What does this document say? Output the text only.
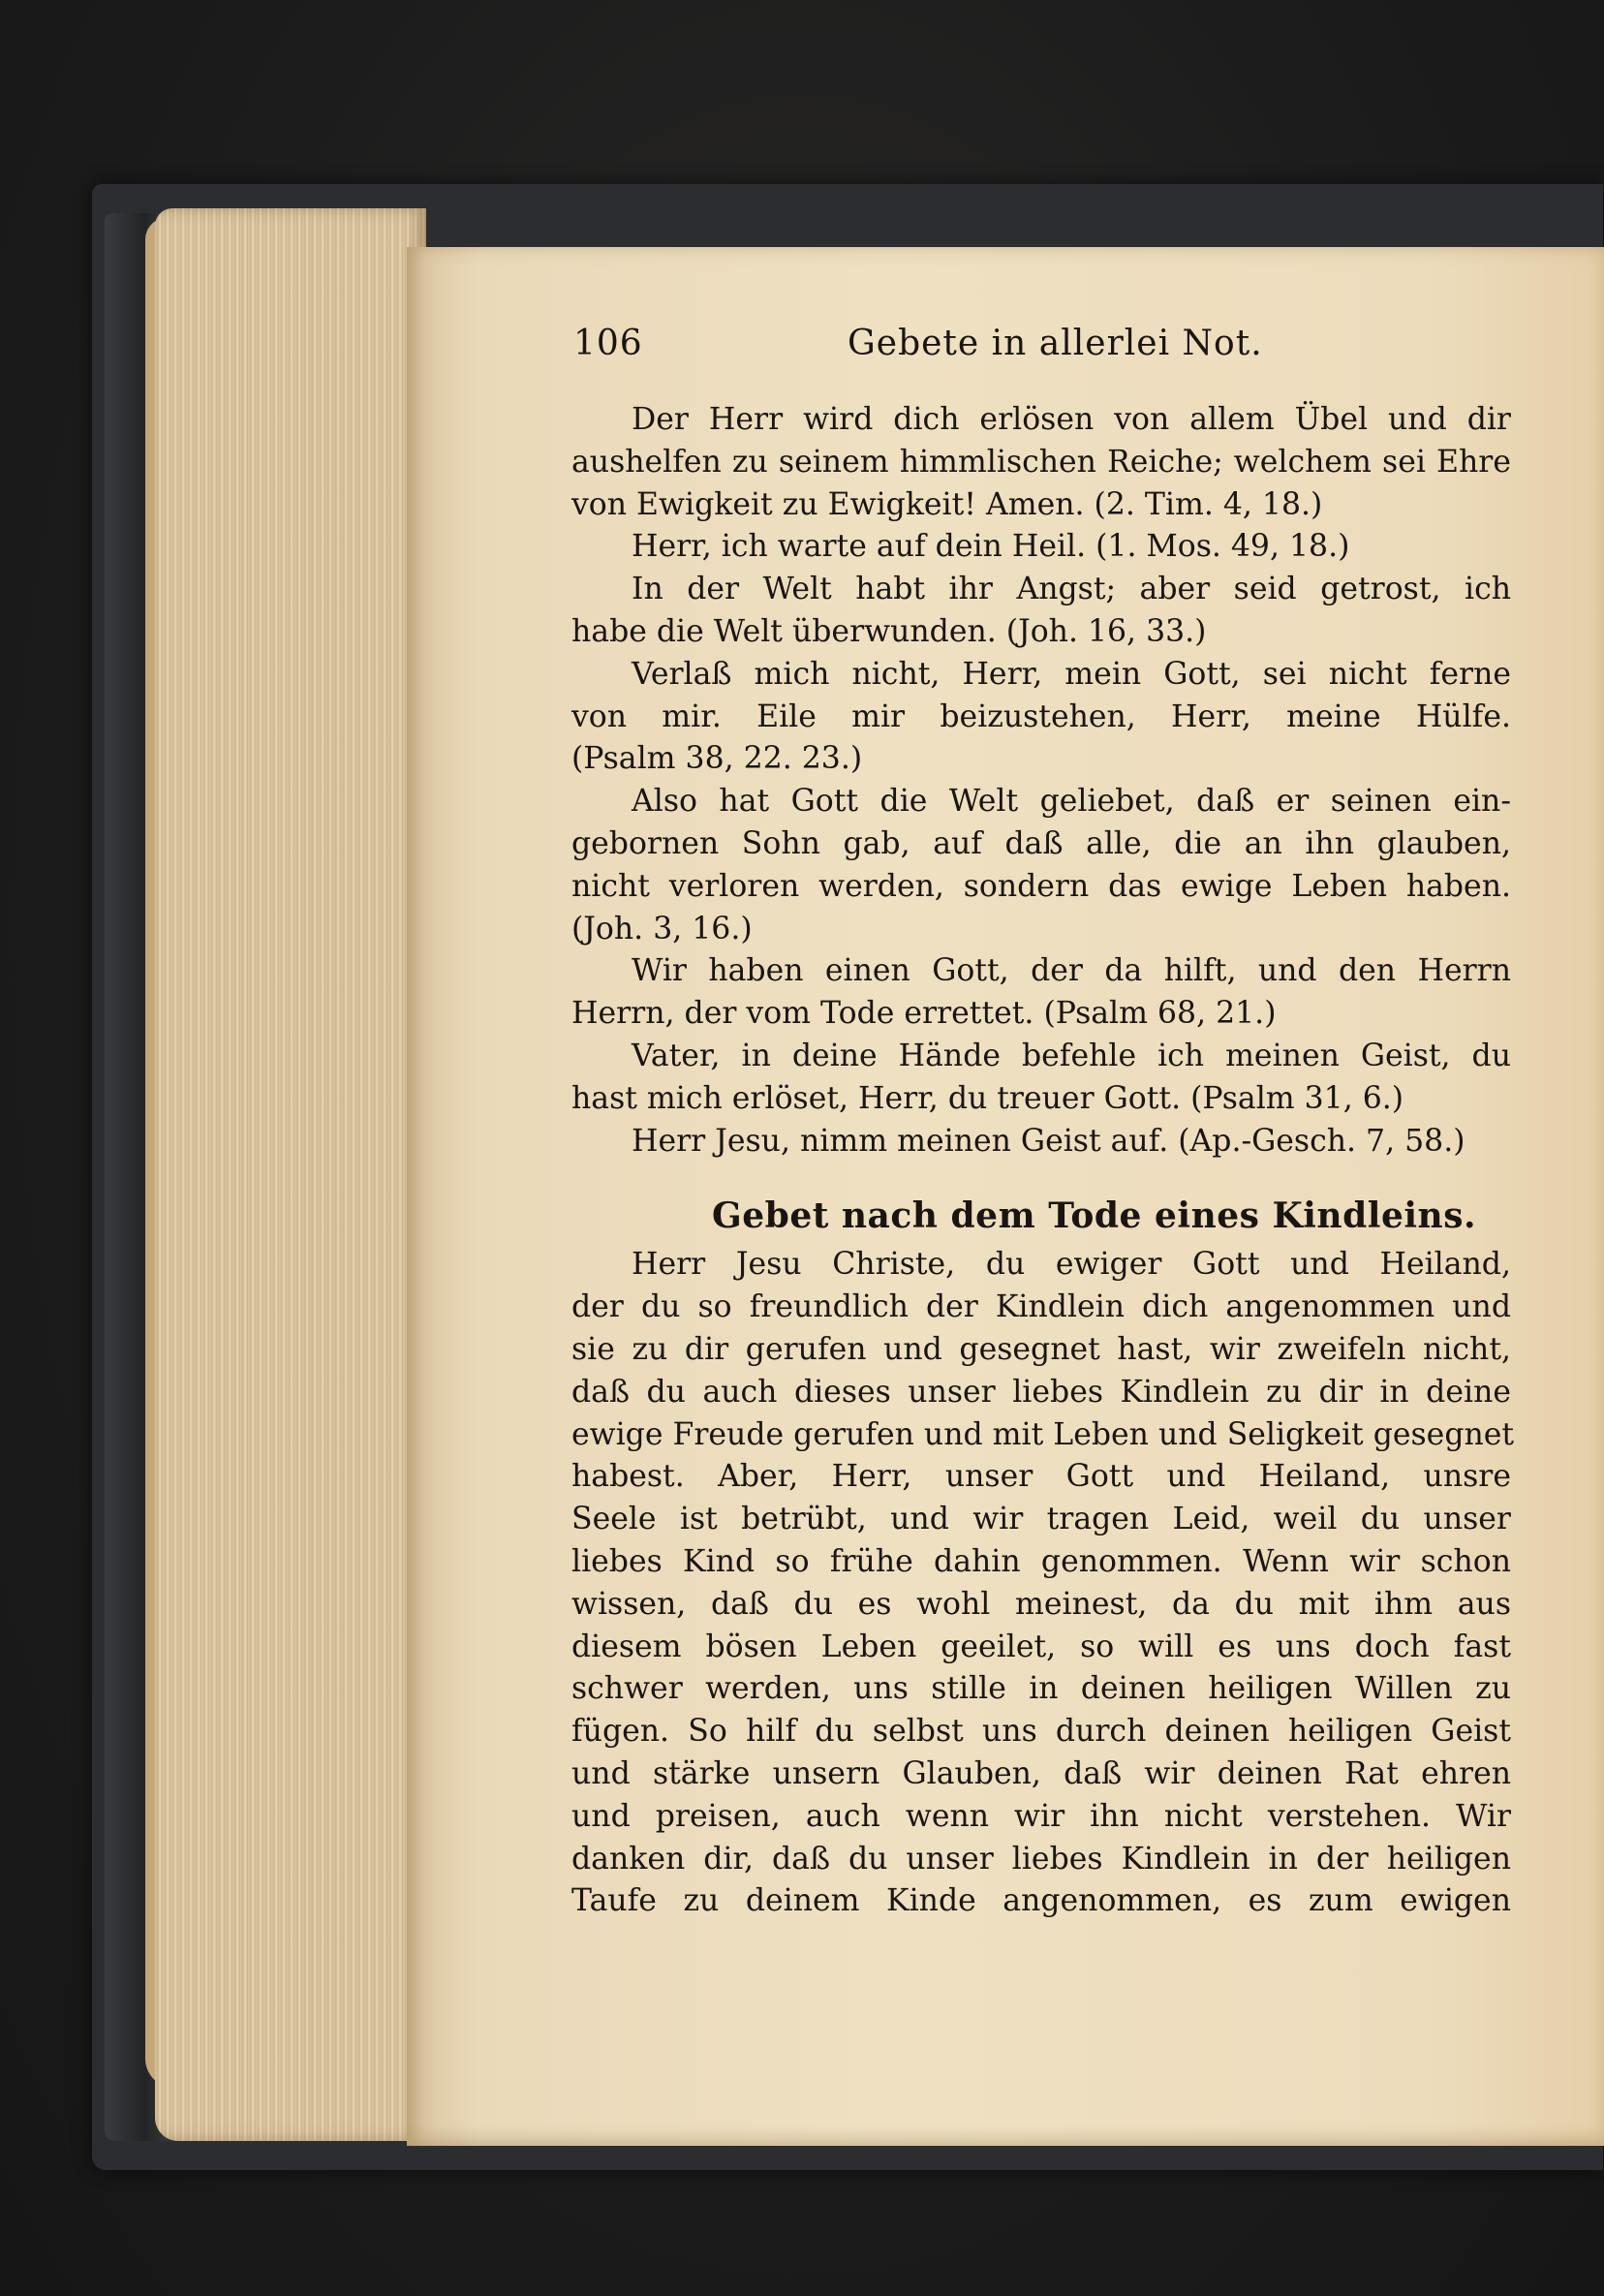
106	Gebete in allerlei Not.
Der Herr wird dich erlösen von allem Übel und dir
aushelfen zu seinem himmlischen Reiche; welchem sei Ehre
von Ewigkeit zu Ewigkeit! Amen. (2. Tim. 4, 18.)
Herr, ich warte auf dein Heil. (1. Mos. 49, 18.)
In der Welt habt ihr Angst; aber seid getrost, ich
habe die Welt überwunden. (Joh. 16, 33.)
Verlaß mich nicht, Herr, mein Gott, sei nicht ferne
von mir. Eile mir beizustehen, Herr, meine Hülfe.
(Psalm 38, 22. 23.)
Also hat Gott die Welt geliebet, daß er seinen ein-
gebornen Sohn gab, auf daß alle, die an ihn glauben,
nicht verloren werden, sondern das ewige Leben haben.
(Joh. 3, 16.)
Wir haben einen Gott, der da hilft, und den Herrn
Herrn, der vom Tode errettet. (Psalm 68, 21.)
Vater, in deine Hände befehle ich meinen Geist, du
hast mich erlöset, Herr, du treuer Gott. (Psalm 31, 6.)
Herr Jesu, nimm meinen Geist auf. (Ap.-Gesch. 7, 58.)
Gebet nach dem Tode eines Kindleins.
Herr Jesu Christe, du ewiger Gott und Heiland,
der du so freundlich der Kindlein dich angenommen und
sie zu dir gerufen und gesegnet hast, wir zweifeln nicht,
daß du auch dieses unser liebes Kindlein zu dir in deine
ewige Freude gerufen und mit Leben und Seligkeit gesegnet
habest. Aber, Herr, unser Gott und Heiland, unsre
Seele ist betrübt, und wir tragen Leid, weil du unser
liebes Kind so frühe dahin genommen. Wenn wir schon
wissen, daß du es wohl meinest, da du mit ihm aus
diesem bösen Leben geeilet, so will es uns doch fast
schwer werden, uns stille in deinen heiligen Willen zu
fügen. So hilf du selbst uns durch deinen heiligen Geist
und stärke unsern Glauben, daß wir deinen Rat ehren
und preisen, auch wenn wir ihn nicht verstehen. Wir
danken dir, daß du unser liebes Kindlein in der heiligen
Taufe zu deinem Kinde angenommen, es zum ewigen
